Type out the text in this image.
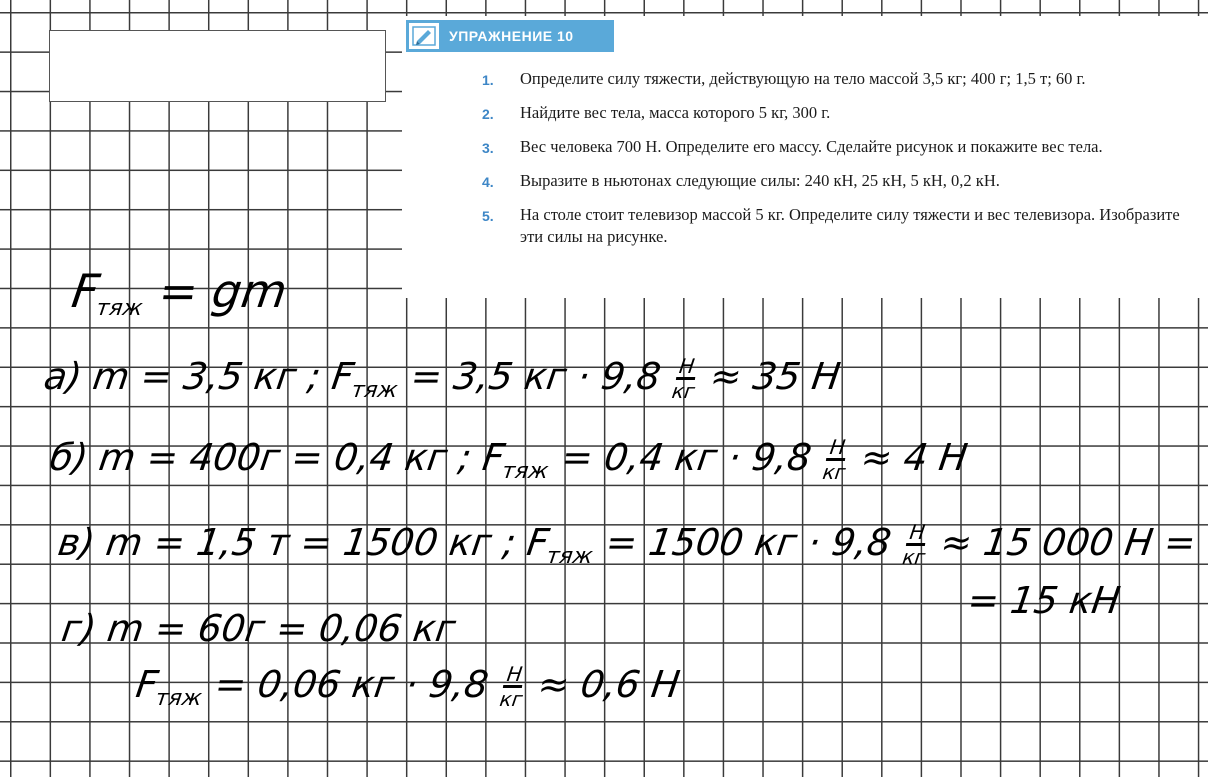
УПРАЖНЕНИЕ 10
1.	Определите силу тяжести, действующую на тело массой 3,5 кг; 400 г; 1,5 т; 60 г.
2.	Найдите вес тела, масса которого 5 кг, 300 г.
3.	Вес человека 700 Н. Определите его массу. Сделайте рисунок и покажите вес тела.
4.	Выразите в ньютонах следующие силы: 240 кН, 25 кН, 5 кН, 0,2 кН.
5.	На столе стоит телевизор массой 5 кг. Определите силу тяжести и вес телевизора. Изобразите эти силы на рисунке.
$F_{тяж}$ = gm
а) m = 3,5 кг ; $F_{тяж} = 3,5$ кг · $9,8 \frac{Н}{кг} \approx 35$ Н
б) m = 400г = 0,4 кг ; $F_{тяж} = 0,4$ кг · $9,8 \frac{Н}{кг} \approx 4$ Н
в) m = 1,5 т = 1500 кг ; $F_{тяж} = 1500$ кг · $9,8 \frac{Н}{кг} \approx 15$ 000 Н =
= 15 кН
г) m = 60г = 0,06 кг
$F_{тяж} = 0,06$ кг · $9,8 \frac{Н}{кг} \approx 0,6$ Н
